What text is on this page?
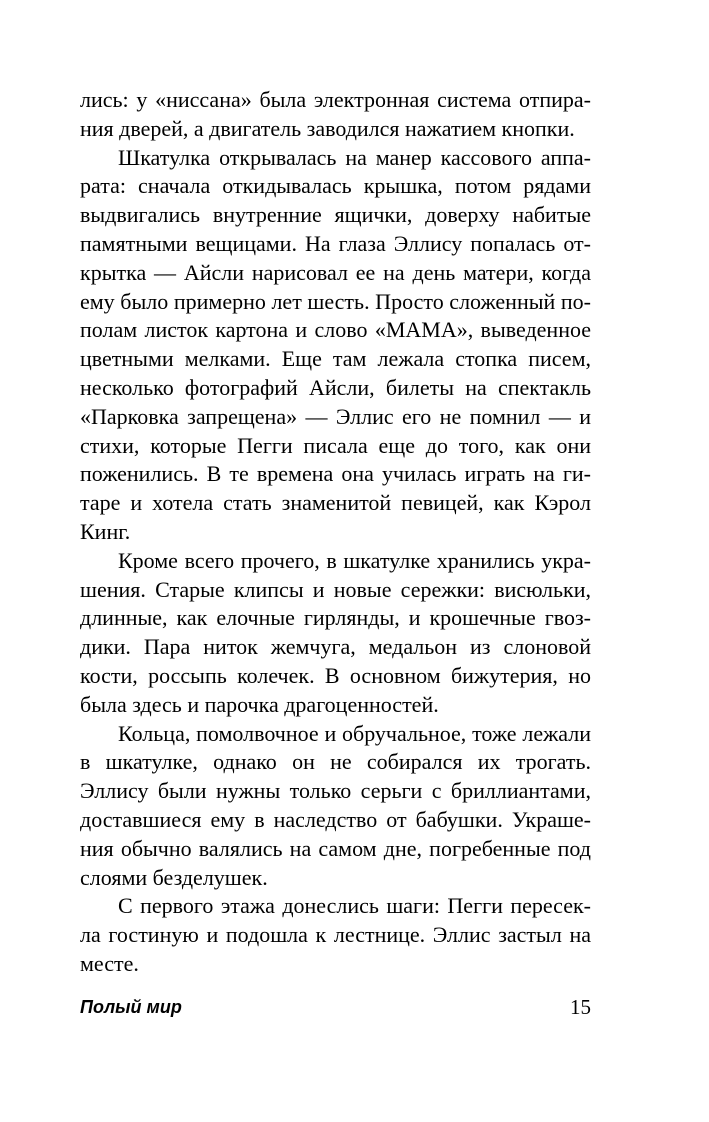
лись: у «ниссана» была электронная система отпирания дверей, а двигатель заводился нажатием кнопки.

Шкатулка открывалась на манер кассового аппарата: сначала откидывалась крышка, потом рядами выдвигались внутренние ящички, доверху набитые памятными вещицами. На глаза Эллису попалась открытка — Айсли нарисовал ее на день матери, когда ему было примерно лет шесть. Просто сложенный пополам листок картона и слово «МАМА», выведенное цветными мелками. Еще там лежала стопка писем, несколько фотографий Айсли, билеты на спектакль «Парковка запрещена» — Эллис его не помнил — и стихи, которые Пегги писала еще до того, как они поженились. В те времена она училась играть на гитаре и хотела стать знаменитой певицей, как Кэрол Кинг.

Кроме всего прочего, в шкатулке хранились украшения. Старые клипсы и новые сережки: висюльки, длинные, как елочные гирлянды, и крошечные гвоздики. Пара ниток жемчуга, медальон из слоновой кости, россыпь колечек. В основном бижутерия, но была здесь и парочка драгоценностей.

Кольца, помолвочное и обручальное, тоже лежали в шкатулке, однако он не собирался их трогать. Эллису были нужны только серьги с бриллиантами, доставшиеся ему в наследство от бабушки. Украшения обычно валялись на самом дне, погребенные под слоями безделушек.

С первого этажа донеслись шаги: Пегги пересекла гостиную и подошла к лестнице. Эллис застыл на месте.

Полый мир	15
